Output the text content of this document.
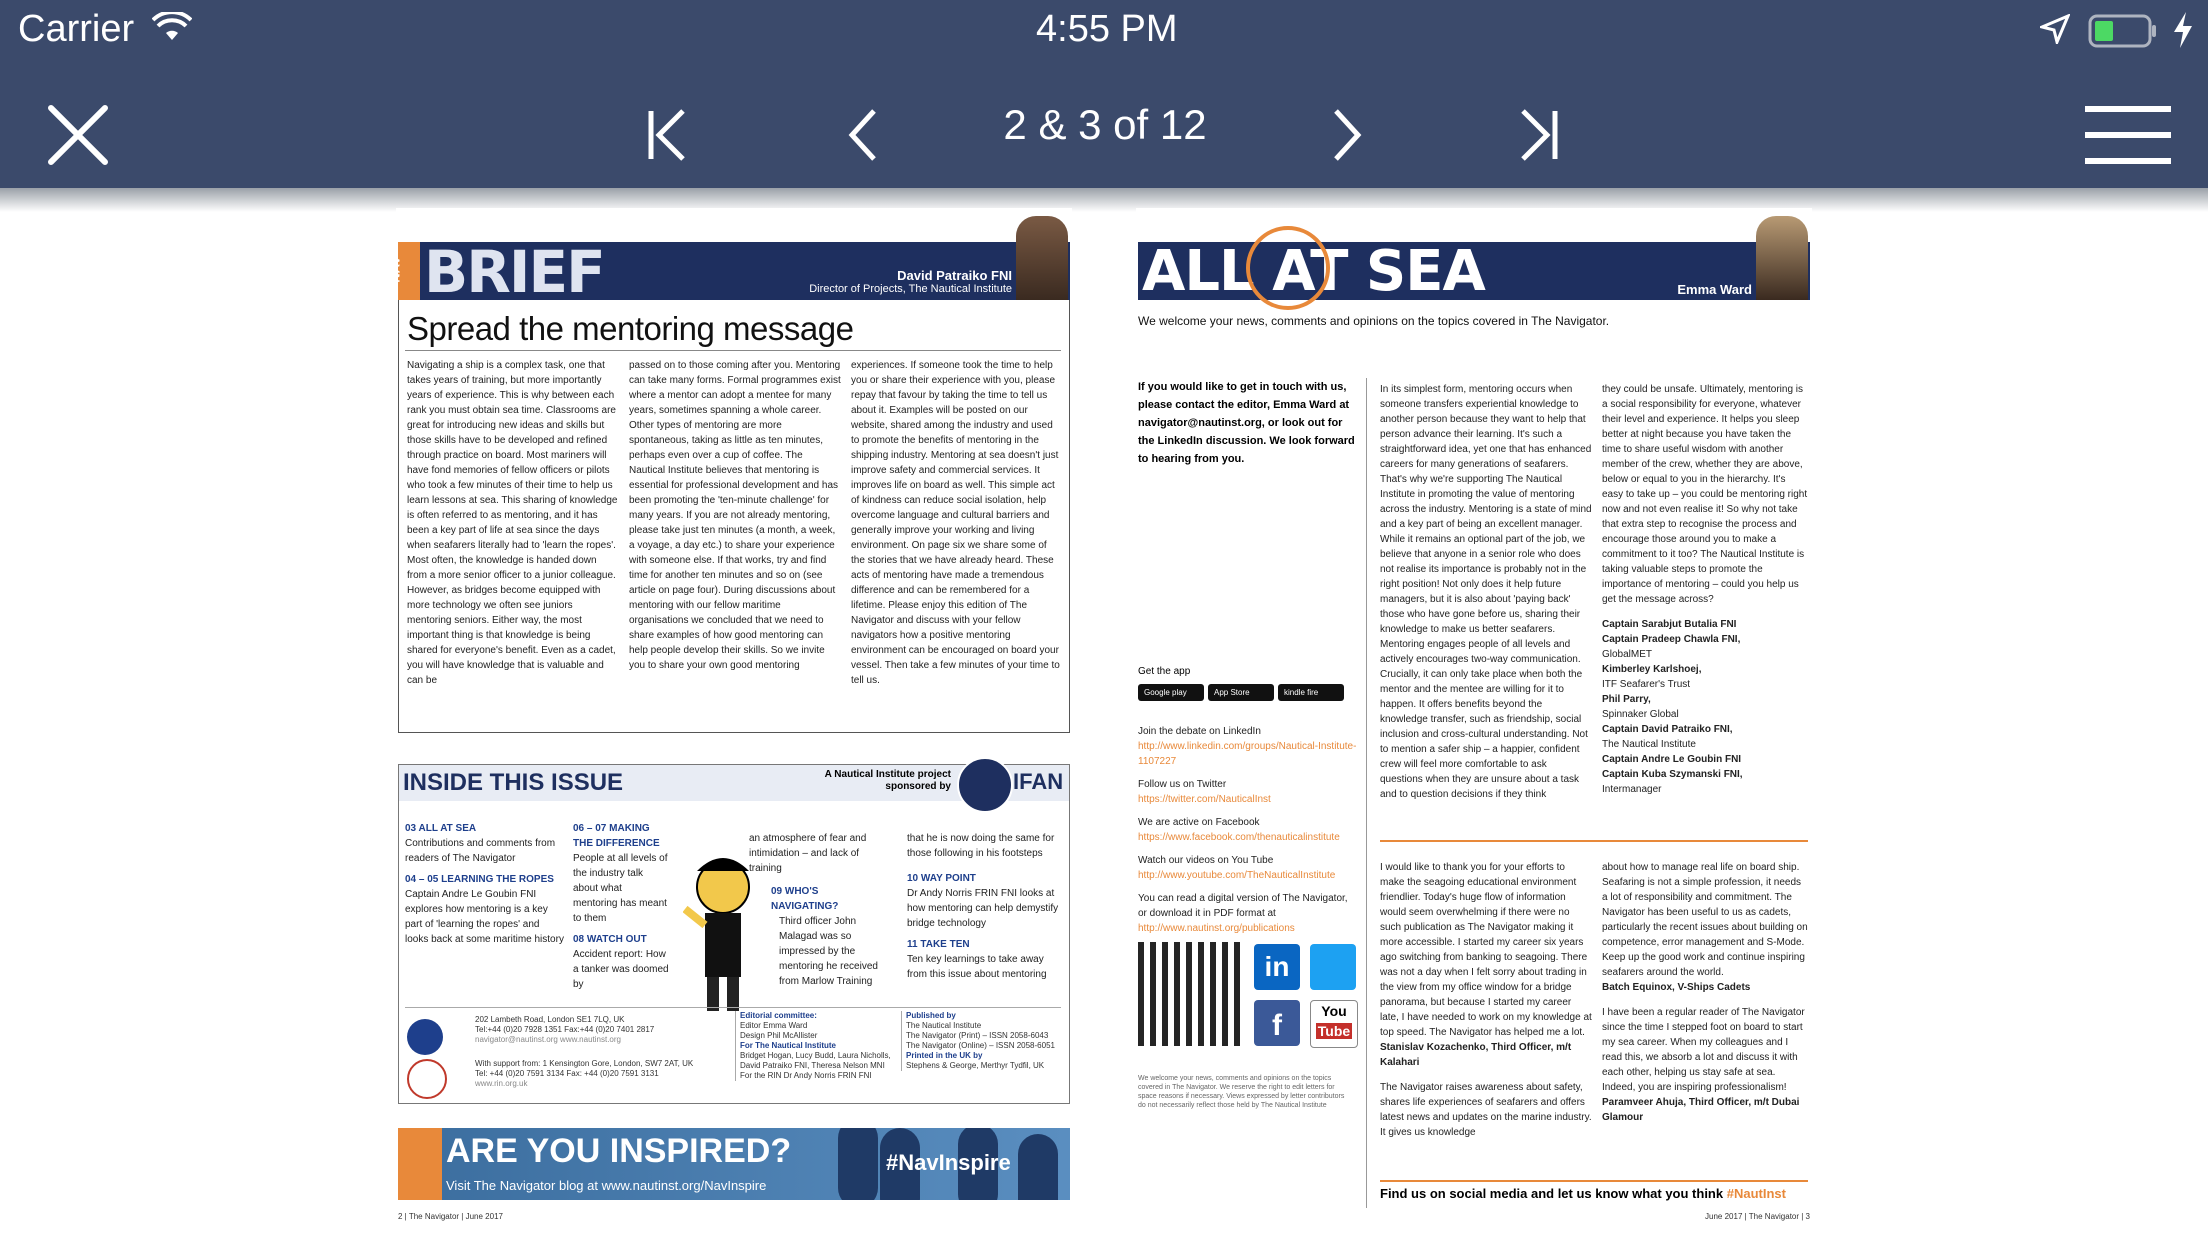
Carrier	4:55 PM
2 & 3 of 12
NAV BRIEF	David Patraiko FNI
Director of Projects, The Nautical Institute
Spread the mentoring message
Navigating a ship is a complex task, one that takes years of training, but more importantly years of experience. This is why between each rank you must obtain sea time. Classrooms are great for introducing new ideas and skills but those skills have to be developed and refined through practice on board. Most mariners will have fond memories of fellow officers or pilots who took a few minutes of their time to help us learn lessons at sea. This sharing of knowledge is often referred to as mentoring, and it has been a key part of life at sea since the days when seafarers literally had to 'learn the ropes'. Most often, the knowledge is handed down from a more senior officer to a junior colleague. However, as bridges become equipped with more technology we often see juniors mentoring seniors. Either way, the most important thing is that knowledge is being shared for everyone's benefit. Even as a cadet, you will have knowledge that is valuable and can be
passed on to those coming after you. Mentoring can take many forms. Formal programmes exist where a mentor can adopt a mentee for many years, sometimes spanning a whole career. Other types of mentoring are more spontaneous, taking as little as ten minutes, perhaps even over a cup of coffee. The Nautical Institute believes that mentoring is essential for professional development and has been promoting the 'ten-minute challenge' for many years. If you are not already mentoring, please take just ten minutes (a month, a week, a voyage, a day etc.) to share your experience with someone else. If that works, try and find time for another ten minutes and so on (see article on page four). During discussions about mentoring with our fellow maritime organisations we concluded that we need to share examples of how good mentoring can help people develop their skills. So we invite you to share your own good mentoring
experiences. If someone took the time to help you or share their experience with you, please repay that favour by taking the time to tell us about it. Examples will be posted on our website, shared among the industry and used to promote the benefits of mentoring in the shipping industry. Mentoring at sea doesn't just improve safety and commercial services. It improves life on board as well. This simple act of kindness can reduce social isolation, help overcome language and cultural barriers and generally improve your working and living environment. On page six we share some of the stories that we have already heard. These acts of mentoring have made a tremendous difference and can be remembered for a lifetime. Please enjoy this edition of The Navigator and discuss with your fellow navigators how a positive mentoring environment can be encouraged on board your vessel. Then take a few minutes of your time to tell us.
INSIDE THIS ISSUE	A Nautical Institute project sponsored by	IFAN
03 ALL AT SEA
Contributions and comments from readers of The Navigator
04 – 05 LEARNING THE ROPES
Captain Andre Le Goubin FNI explores how mentoring is a key part of 'learning the ropes' and looks back at some maritime history
06 – 07 MAKING THE DIFFERENCE
People at all levels of the industry talk about what mentoring has meant to them
08 WATCH OUT
Accident report: How a tanker was doomed by
an atmosphere of fear and intimidation – and lack of training
09 WHO'S NAVIGATING?
Third officer John Malagad was so impressed by the mentoring he received from Marlow Training
that he is now doing the same for those following in his footsteps
10 WAY POINT
Dr Andy Norris FRIN FNI looks at how mentoring can help demystify bridge technology
11 TAKE TEN
Ten key learnings to take away from this issue about mentoring
202 Lambeth Road, London SE1 7LQ, UK
Tel:+44 (0)20 7928 1351 Fax:+44 (0)20 7401 2817
navigator@nautinst.org www.nautinst.org
With support from: 1 Kensington Gore, London, SW7 2AT, UK
Tel: +44 (0)20 7591 3134 Fax: +44 (0)20 7591 3131
www.rin.org.uk
Editorial committee:
Editor Emma Ward
Design Phil McAllister
For The Nautical Institute
Bridget Hogan, Lucy Budd, Laura Nicholls, David Patraiko FNI, Theresa Nelson MNI
For the RIN Dr Andy Norris FRIN FNI
Published by
The Nautical Institute
The Navigator (Print) – ISSN 2058-6043
The Navigator (Online) – ISSN 2058-6051
Printed in the UK by
Stephens & George, Merthyr Tydfil, UK
ARE YOU INSPIRED?	#NavInspire
Visit The Navigator blog at www.nautinst.org/NavInspire
2 | The Navigator | June 2017
ALL AT SEA	Emma Ward
We welcome your news, comments and opinions on the topics covered in The Navigator.
If you would like to get in touch with us, please contact the editor, Emma Ward at navigator@nautinst.org, or look out for the LinkedIn discussion. We look forward to hearing from you.
Get the app
Google play	App Store	kindle fire
Join the debate on LinkedIn
http://www.linkedin.com/groups/Nautical-Institute-1107227
Follow us on Twitter
https://twitter.com/NauticalInst
We are active on Facebook
https://www.facebook.com/thenauticalinstitute
Watch our videos on You Tube
http://www.youtube.com/TheNauticalInstitute
You can read a digital version of The Navigator, or download it in PDF format at
http://www.nautinst.org/publications
in
f	You
Tube
We welcome your news, comments and opinions on the topics covered in The Navigator. We reserve the right to edit letters for space reasons if necessary. Views expressed by letter contributors do not necessarily reflect those held by The Nautical Institute
In its simplest form, mentoring occurs when someone transfers experiential knowledge to another person because they want to help that person advance their learning. It's such a straightforward idea, yet one that has enhanced careers for many generations of seafarers. That's why we're supporting The Nautical Institute in promoting the value of mentoring across the industry. Mentoring is a state of mind and a key part of being an excellent manager. While it remains an optional part of the job, we believe that anyone in a senior role who does not realise its importance is probably not in the right position! Not only does it help future managers, but it is also about 'paying back' those who have gone before us, sharing their knowledge to make us better seafarers. Mentoring engages people of all levels and actively encourages two-way communication. Crucially, it can only take place when both the mentor and the mentee are willing for it to happen. It offers benefits beyond the knowledge transfer, such as friendship, social inclusion and cross-cultural understanding. Not to mention a safer ship – a happier, confident crew will feel more comfortable to ask questions when they are unsure about a task and to question decisions if they think
they could be unsafe. Ultimately, mentoring is a social responsibility for everyone, whatever their level and experience. It helps you sleep better at night because you have taken the time to share useful wisdom with another member of the crew, whether they are above, below or equal to you in the hierarchy. It's easy to take up – you could be mentoring right now and not even realise it! So why not take that extra step to recognise the process and encourage those around you to make a commitment to it too? The Nautical Institute is taking valuable steps to promote the importance of mentoring – could you help us get the message across?
Captain Sarabjut Butalia FNI
Captain Pradeep Chawla FNI,
GlobalMET
Kimberley Karlshoej,
ITF Seafarer's Trust
Phil Parry,
Spinnaker Global
Captain David Patraiko FNI,
The Nautical Institute
Captain Andre Le Goubin FNI
Captain Kuba Szymanski FNI,
Intermanager
I would like to thank you for your efforts to make the seagoing educational environment friendlier. Today's huge flow of information would seem overwhelming if there were no such publication as The Navigator making it more accessible. I started my career six years ago switching from banking to seagoing. There was not a day when I felt sorry about trading in the view from my office window for a bridge panorama, but because I started my career late, I have needed to work on my knowledge at top speed. The Navigator has helped me a lot.
Stanislav Kozachenko, Third Officer, m/t Kalahari
The Navigator raises awareness about safety, shares life experiences of seafarers and offers latest news and updates on the marine industry. It gives us knowledge
about how to manage real life on board ship. Seafaring is not a simple profession, it needs a lot of responsibility and commitment. The Navigator has been useful to us as cadets, particularly the recent issues about building on competence, error management and S-Mode. Keep up the good work and continue inspiring seafarers around the world.
Batch Equinox, V-Ships Cadets
I have been a regular reader of The Navigator since the time I stepped foot on board to start my sea career. When my colleagues and I read this, we absorb a lot and discuss it with each other, helping us stay safe at sea. Indeed, you are inspiring professionalism!
Paramveer Ahuja, Third Officer, m/t Dubai Glamour
Find us on social media and let us know what you think #NautInst
June 2017 | The Navigator | 3
